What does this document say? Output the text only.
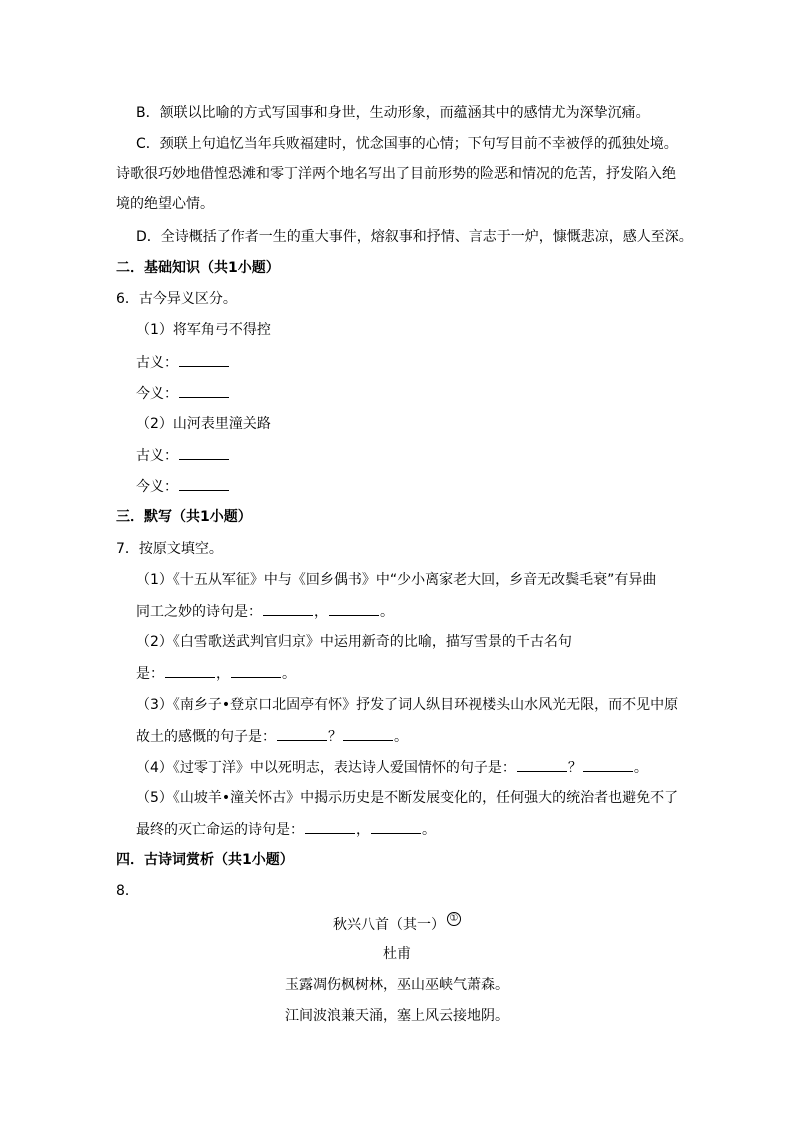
B．颔联以比喻的方式写国事和身世，生动形象，而蕴涵其中的感情尤为深挚沉痛。
C．颈联上句追忆当年兵败福建时，忧念国事的心情；下句写目前不幸被俘的孤独处境。
诗歌很巧妙地借惶恐滩和零丁洋两个地名写出了目前形势的险恶和情况的危苦，抒发陷入绝
境的绝望心情。
D．全诗概括了作者一生的重大事件，熔叙事和抒情、言志于一炉，慷慨悲凉，感人至深。
二．基础知识（共1小题）
6．古今异义区分。
（1）将军角弓不得控
古义：
今义：
（2）山河表里潼关路
古义：
今义：
三．默写（共1小题）
7．按原文填空。
（1）《十五从军征》中与《回乡偶书》中“少小离家老大回，乡音无改鬓毛衰”有异曲
同工之妙的诗句是：	，	。
（2）《白雪歌送武判官归京》中运用新奇的比喻，描写雪景的千古名句
是：	，	。
（3）《南乡子•登京口北固亭有怀》抒发了词人纵目环视楼头山水风光无限，而不见中原
故土的感慨的句子是：	？	。
（4）《过零丁洋》中以死明志，表达诗人爱国情怀的句子是：	？	。
（5）《山坡羊•潼关怀古》中揭示历史是不断发展变化的，任何强大的统治者也避免不了
最终的灭亡命运的诗句是：	，	。
四．古诗词赏析（共1小题）
8．
秋兴八首（其一） ①
杜甫
玉露凋伤枫树林，巫山巫峡气萧森。
江间波浪兼天涌，塞上风云接地阴。
